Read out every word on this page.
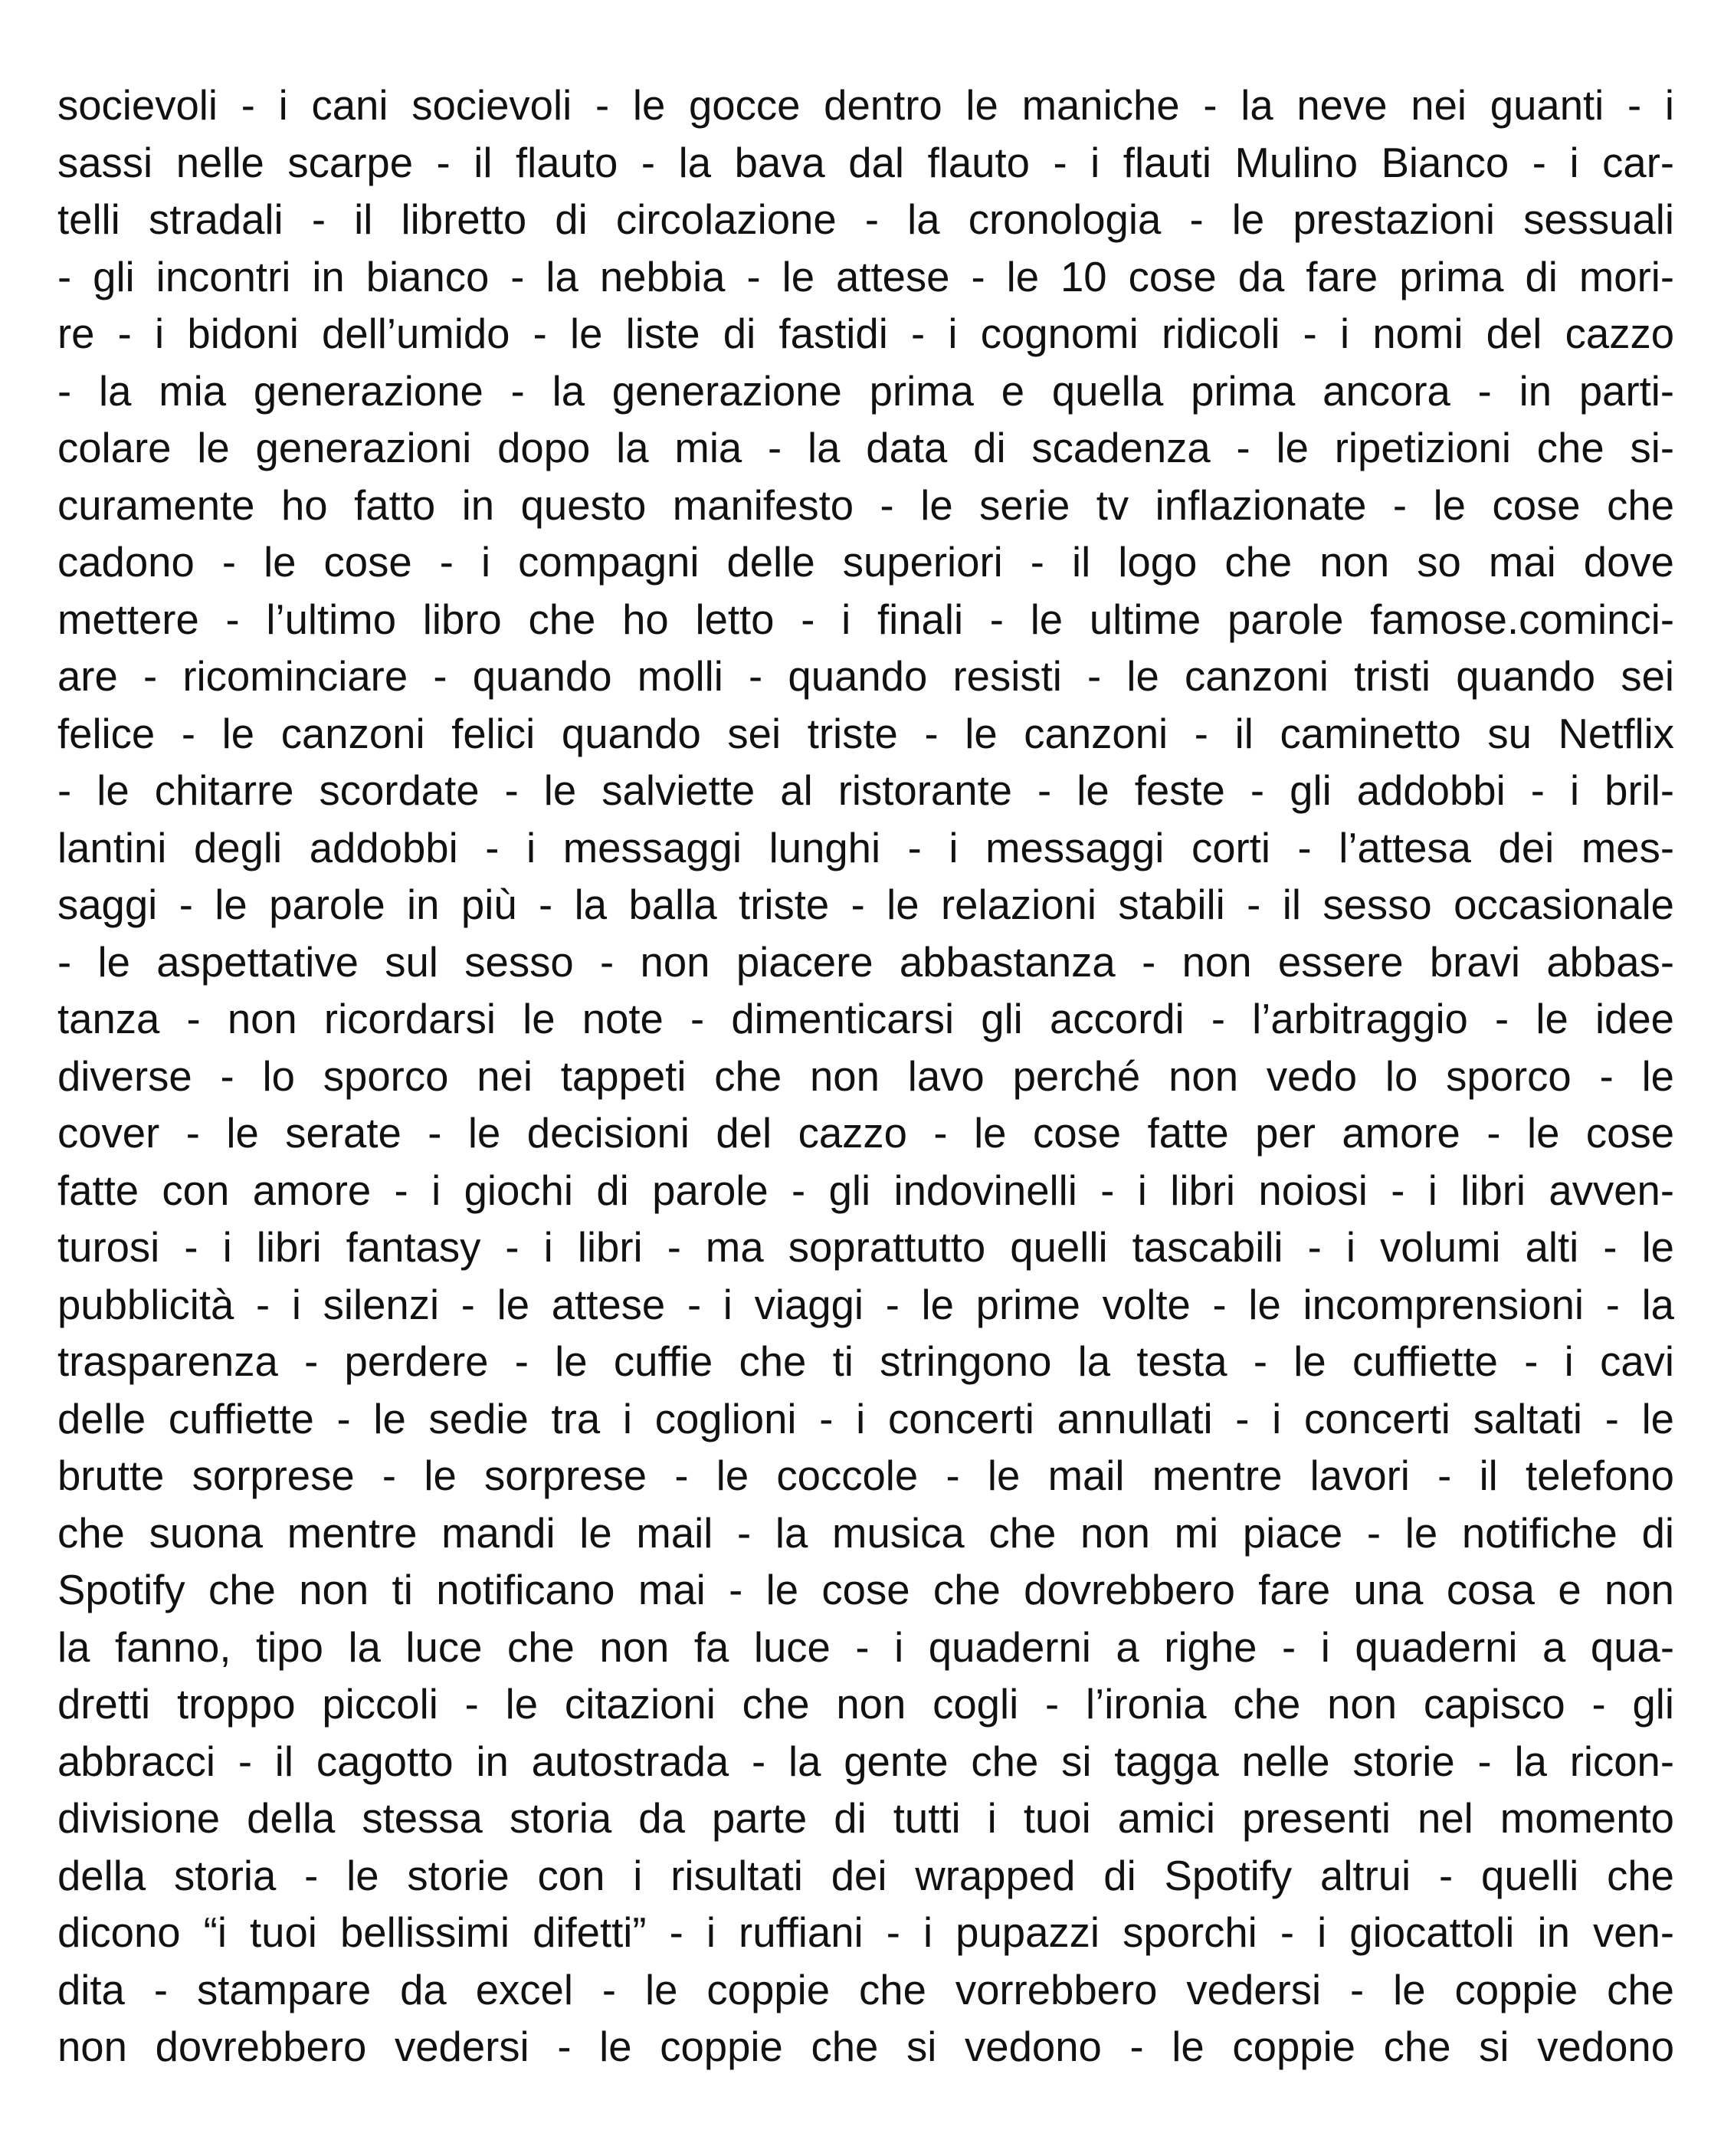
socievoli - i cani socievoli - le gocce dentro le maniche - la neve nei guanti - i
sassi nelle scarpe - il flauto - la bava dal flauto - i flauti Mulino Bianco - i car-
telli stradali - il libretto di circolazione - la cronologia - le prestazioni sessuali
- gli incontri in bianco - la nebbia - le attese - le 10 cose da fare prima di mori-
re - i bidoni dell’umido - le liste di fastidi - i cognomi ridicoli - i nomi del cazzo
- la mia generazione - la generazione prima e quella prima ancora - in parti-
colare le generazioni dopo la mia - la data di scadenza - le ripetizioni che si-
curamente ho fatto in questo manifesto - le serie tv inflazionate - le cose che
cadono - le cose - i compagni delle superiori - il logo che non so mai dove
mettere - l’ultimo libro che ho letto - i finali - le ultime parole famose.cominci-
are - ricominciare - quando molli - quando resisti - le canzoni tristi quando sei
felice - le canzoni felici quando sei triste - le canzoni - il caminetto su Netflix
- le chitarre scordate - le salviette al ristorante - le feste - gli addobbi - i bril-
lantini degli addobbi - i messaggi lunghi - i messaggi corti - l’attesa dei mes-
saggi - le parole in più - la balla triste - le relazioni stabili - il sesso occasionale
- le aspettative sul sesso - non piacere abbastanza - non essere bravi abbas-
tanza - non ricordarsi le note - dimenticarsi gli accordi - l’arbitraggio - le idee
diverse - lo sporco nei tappeti che non lavo perché non vedo lo sporco - le
cover - le serate - le decisioni del cazzo - le cose fatte per amore - le cose
fatte con amore - i giochi di parole - gli indovinelli - i libri noiosi - i libri avven-
turosi - i libri fantasy - i libri - ma soprattutto quelli tascabili - i volumi alti - le
pubblicità - i silenzi - le attese - i viaggi - le prime volte - le incomprensioni - la
trasparenza - perdere - le cuffie che ti stringono la testa - le cuffiette - i cavi
delle cuffiette - le sedie tra i coglioni - i concerti annullati - i concerti saltati - le
brutte sorprese - le sorprese - le coccole - le mail mentre lavori - il telefono
che suona mentre mandi le mail - la musica che non mi piace - le notifiche di
Spotify che non ti notificano mai - le cose che dovrebbero fare una cosa e non
la fanno, tipo la luce che non fa luce - i quaderni a righe - i quaderni a qua-
dretti troppo piccoli - le citazioni che non cogli - l’ironia che non capisco - gli
abbracci - il cagotto in autostrada - la gente che si tagga nelle storie - la ricon-
divisione della stessa storia da parte di tutti i tuoi amici presenti nel momento
della storia - le storie con i risultati dei wrapped di Spotify altrui - quelli che
dicono “i tuoi bellissimi difetti” - i ruffiani - i pupazzi sporchi - i giocattoli in ven-
dita - stampare da excel - le coppie che vorrebbero vedersi - le coppie che
non dovrebbero vedersi - le coppie che si vedono - le coppie che si vedono
